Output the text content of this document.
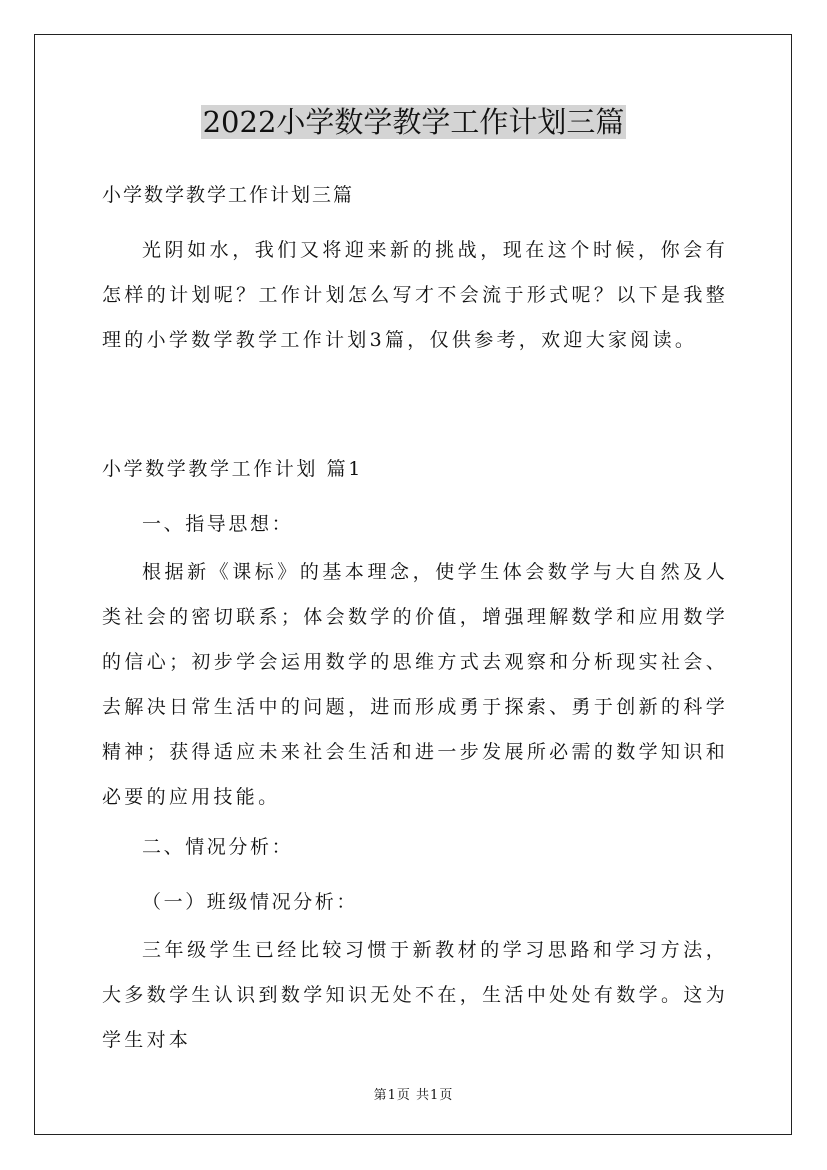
2022小学数学教学工作计划三篇
小学数学教学工作计划三篇

光阴如水，我们又将迎来新的挑战，现在这个时候，你会有怎样的计划呢？工作计划怎么写才不会流于形式呢？以下是我整理的小学数学教学工作计划3篇，仅供参考，欢迎大家阅读。

小学数学教学工作计划 篇1
一、指导思想：

根据新《课标》的基本理念，使学生体会数学与大自然及人类社会的密切联系；体会数学的价值，增强理解数学和应用数学的信心；初步学会运用数学的思维方式去观察和分析现实社会、去解决日常生活中的问题，进而形成勇于探索、勇于创新的科学精神；获得适应未来社会生活和进一步发展所必需的数学知识和必要的应用技能。

二、情况分析：
（一）班级情况分析：

三年级学生已经比较习惯于新教材的学习思路和学习方法，大多数学生认识到数学知识无处不在，生活中处处有数学。这为学生对本

第1页 共1页
